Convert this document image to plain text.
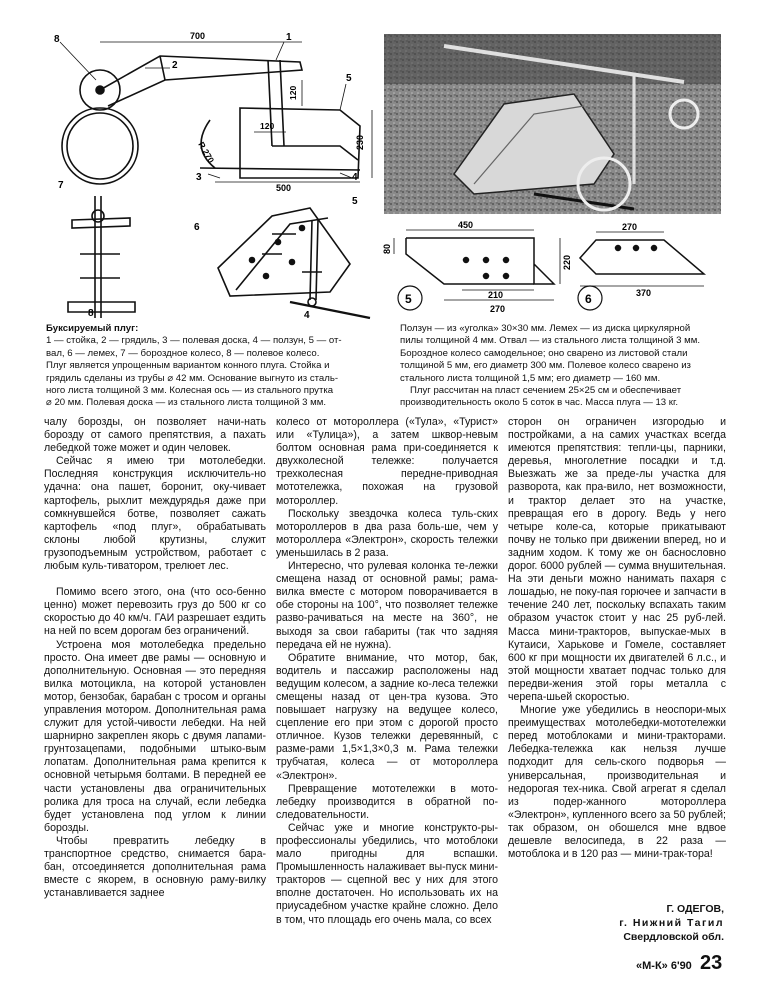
700
500
230
120
120
R 270
1
2
3	4
5
6
7
8
4
5
8
5
450
80
220
210
270
6
270
370

Буксируемый плуг:

1 — стойка, 2 — грядиль, 3 — полевая доска, 4 — ползун, 5 — от-

вал, 6 — лемех, 7 — бороздное колесо, 8 — полевое колесо.

Плуг является упрощенным вариантом конного плуга. Стойка и

грядиль сделаны из трубы ⌀ 42 мм. Основание выгнуто из сталь-

ного листа толщиной 3 мм. Колесная ось — из стального прутка

⌀ 20 мм. Полевая доска — из стального листа толщиной 3 мм.

Ползун — из «уголка» 30×30 мм. Лемех — из диска циркулярной

пилы толщиной 4 мм. Отвал — из стального листа толщиной 3 мм.

Бороздное колесо самодельное; оно сварено из листовой стали

толщиной 5 мм, его диаметр 300 мм. Полевое колесо сварено из

стального листа толщиной 1,5 мм; его диаметр — 160 мм.

Плуг рассчитан на пласт сечением 25×25 см и обеспечивает

производительность около 5 соток в час. Масса плуга — 13 кг.

чалу борозды, он позволяет начи-нать борозду от самого препятствия, а пахать лебедкой тоже может и один человек.

Сейчас я имею три мотолебедки. Последняя конструкция исключитель-но удачна: она пашет, боронит, оку-чивает картофель, рыхлит междурядья даже при сомкнувшейся ботве, позволяет сажать картофель «под плуг», обрабатывать склоны любой крутизны, служит грузоподъемным устройством, работает с любым куль-тиватором, трелюет лес.

Помимо всего этого, она (что осо-бенно ценно) может перевозить груз до 500 кг со скоростью до 40 км/ч. ГАИ разрешает ездить на ней по всем дорогам без ограничений.

Устроена моя мотолебедка предельно просто. Она имеет две рамы — основную и дополнительную. Основная — это передняя вилка мотоцикла, на которой установлен мотор, бензобак, барабан с тросом и органы управления мотором. Дополнительная рама служит для устой-чивости лебедки. На ней шарнирно закреплен якорь с двумя лапами-грунтозацепами, подобными штыко-вым лопатам. Дополнительная рама крепится к основной четырьмя болтами. В передней ее части установлены два ограничительных ролика для троса на случай, если лебедка будет установлена под углом к линии борозды.

Чтобы превратить лебедку в транспортное средство, снимается бара-бан, отсоединяется дополнительная рама вместе с якорем, в основную раму-вилку устанавливается заднее

колесо от мотороллера («Тула», «Турист» или «Тулица»), а затем шквор-невым болтом основная рама при-соединяется к двухколесной тележке: получается трехколесная передне-приводная мототележка, похожая на грузовой мотороллер.

Поскольку звездочка колеса туль-ских мотороллеров в два раза боль-ше, чем у мотороллера «Электрон», скорость тележки уменьшилась в 2 раза.

Интересно, что рулевая колонка те-лежки смещена назад от основной рамы; рама-вилка вместе с мотором поворачивается в обе стороны на 100°, что позволяет тележке разво-рачиваться на месте на 360°, не выходя за свои габариты (так что задняя передача ей не нужна).

Обратите внимание, что мотор, бак, водитель и пассажир расположены над ведущим колесом, а задние ко-леса тележки смещены назад от цен-тра кузова. Это повышает нагрузку на ведущее колесо, сцепление его при этом с дорогой просто отличное. Кузов тележки деревянный, с разме-рами 1,5×1,3×0,3 м. Рама тележки трубчатая, колеса — от мотороллера «Электрон».

Превращение мототележки в мото-лебедку производится в обратной по-следовательности.

Сейчас уже и многие конструкто-ры-профессионалы убедились, что мотоблоки мало пригодны для вспашки. Промышленность налаживает вы-пуск мини-тракторов — сцепной вес у них для этого вполне достаточен. Но использовать их на приусадебном участке крайне сложно. Дело в том, что площадь его очень мала, со всех

сторон он ограничен изгородью и постройками, а на самих участках всегда имеются препятствия: тепли-цы, парники, деревья, многолетние посадки и т.д. Выезжать же за преде-лы участка для разворота, как пра-вило, нет возможности, и трактор делает это на участке, превращая его в дорогу. Ведь у него четыре коле-са, которые прикатывают почву не только при движении вперед, но и задним ходом. К тому же он баснословно дорог. 6000 рублей — сумма внушительная. На эти деньги можно нанимать пахаря с лошадью, не поку-пая горючее и запчасти в течение 240 лет, поскольку вспахать таким образом участок стоит у нас 25 руб-лей. Масса мини-тракторов, выпускае-мых в Кутаиси, Харькове и Гомеле, составляет 600 кг при мощности их двигателей 6 л.с., и этой мощности хватает подчас только для передви-жения этой горы металла с черепа-шьей скоростью.

Многие уже убедились в неоспори-мых преимуществах мотолебедки-мототележки перед мотоблоками и мини-тракторами. Лебедка-тележка как нельзя лучше подходит для сель-ского подворья — универсальная, производительная и недорогая тех-ника. Свой агрегат я сделал из подер-жанного мотороллера «Электрон», купленного всего за 50 рублей; так образом, он обошелся мне вдвое дешевле велосипеда, в 22 раза — мотоблока и в 120 раз — мини-трак-тора!

Г. ОДЕГОВ,
г. Нижний Тагил
Свердловской обл.
«М-К» 6'90 23
